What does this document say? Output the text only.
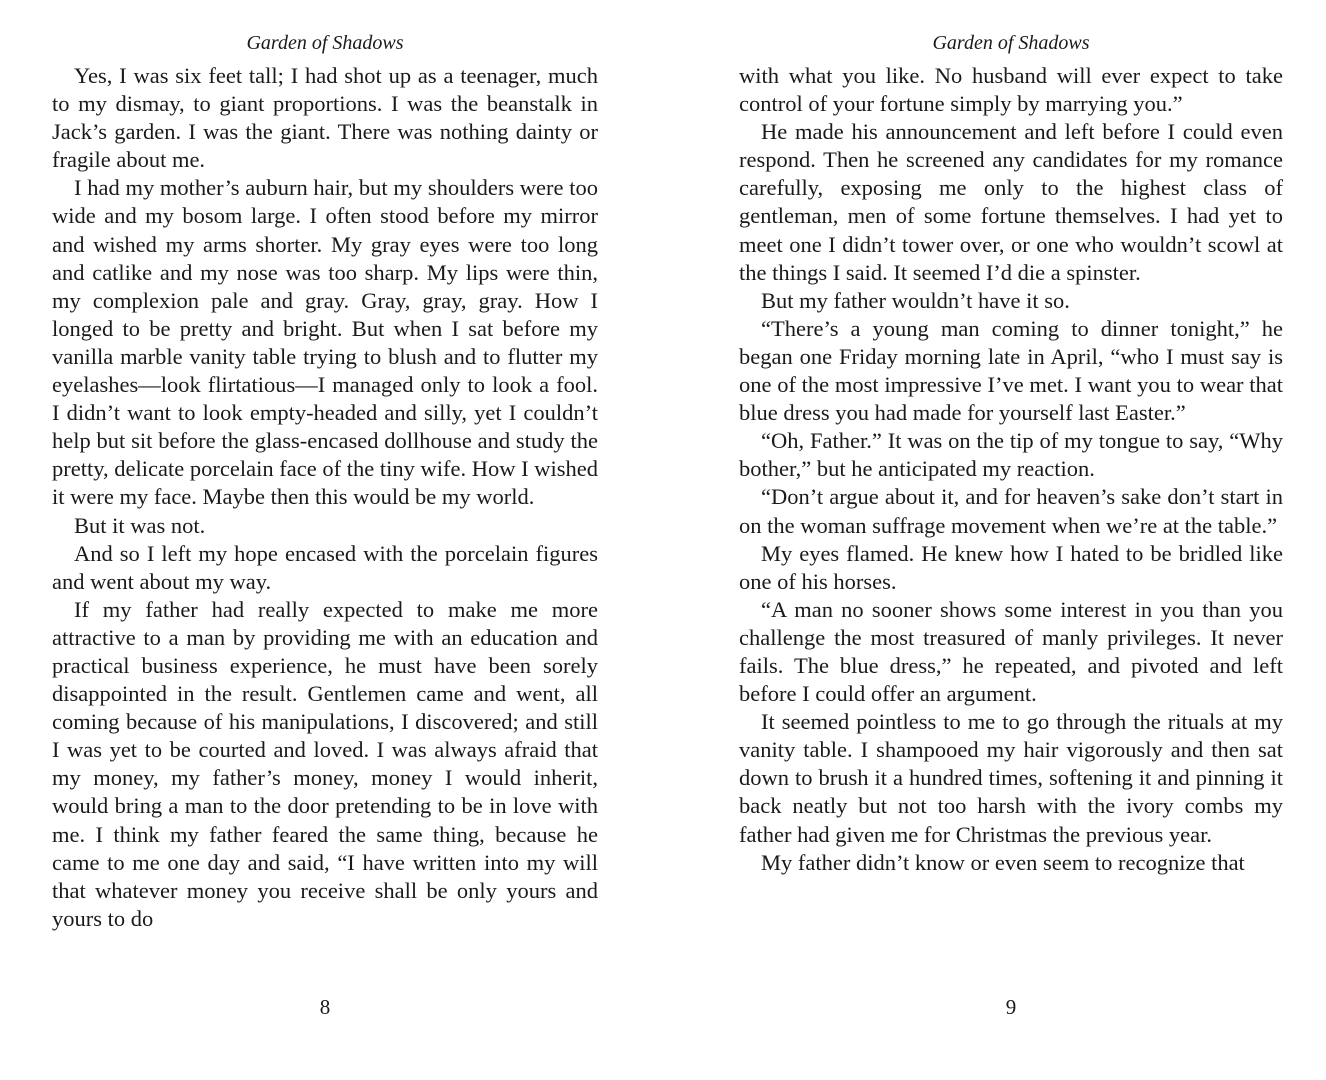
Garden of Shadows

Yes, I was six feet tall; I had shot up as a teenager, much to my dismay, to giant proportions. I was the beanstalk in Jack’s garden. I was the giant. There was nothing dainty or fragile about me.

I had my mother’s auburn hair, but my shoulders were too wide and my bosom large. I often stood before my mirror and wished my arms shorter. My gray eyes were too long and catlike and my nose was too sharp. My lips were thin, my complexion pale and gray. Gray, gray, gray. How I longed to be pretty and bright. But when I sat before my vanilla marble vanity table trying to blush and to flutter my eyelashes—look flirtatious—I managed only to look a fool. I didn’t want to look empty-headed and silly, yet I couldn’t help but sit before the glass-encased dollhouse and study the pretty, delicate porcelain face of the tiny wife. How I wished it were my face. Maybe then this would be my world.

But it was not.

And so I left my hope encased with the porcelain figures and went about my way.

If my father had really expected to make me more attractive to a man by providing me with an education and practical business experience, he must have been sorely disappointed in the result. Gentlemen came and went, all coming because of his manipulations, I discovered; and still I was yet to be courted and loved. I was always afraid that my money, my father’s money, money I would inherit, would bring a man to the door pretending to be in love with me. I think my father feared the same thing, because he came to me one day and said, “I have written into my will that whatever money you receive shall be only yours and yours to do

8
Garden of Shadows

with what you like. No husband will ever expect to take control of your fortune simply by marrying you.”

He made his announcement and left before I could even respond. Then he screened any candidates for my romance carefully, exposing me only to the highest class of gentleman, men of some fortune themselves. I had yet to meet one I didn’t tower over, or one who wouldn’t scowl at the things I said. It seemed I’d die a spinster.

But my father wouldn’t have it so.

“There’s a young man coming to dinner tonight,” he began one Friday morning late in April, “who I must say is one of the most impressive I’ve met. I want you to wear that blue dress you had made for yourself last Easter.”

“Oh, Father.” It was on the tip of my tongue to say, “Why bother,” but he anticipated my reaction.

“Don’t argue about it, and for heaven’s sake don’t start in on the woman suffrage movement when we’re at the table.”

My eyes flamed. He knew how I hated to be bridled like one of his horses.

“A man no sooner shows some interest in you than you challenge the most treasured of manly privileges. It never fails. The blue dress,” he repeated, and pivoted and left before I could offer an argument.

It seemed pointless to me to go through the rituals at my vanity table. I shampooed my hair vigorously and then sat down to brush it a hundred times, softening it and pinning it back neatly but not too harsh with the ivory combs my father had given me for Christmas the previous year.

My father didn’t know or even seem to recognize that

9
